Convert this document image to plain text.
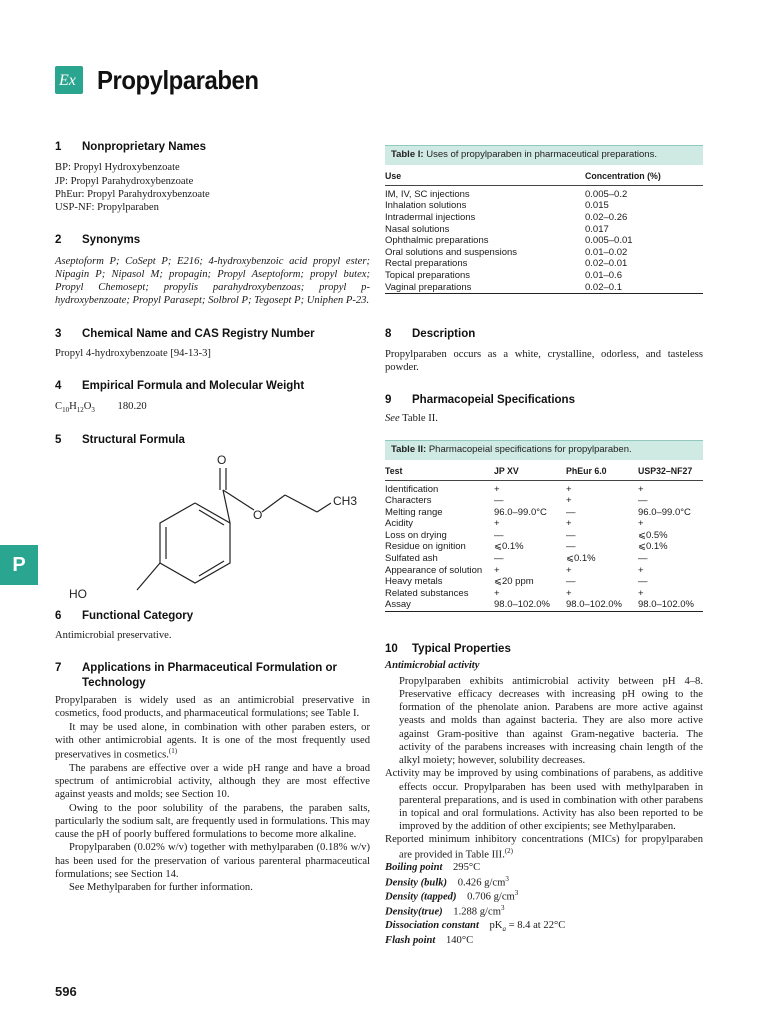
Ex Propylparaben
P
1	Nonproprietary Names
BP: Propyl Hydroxybenzoate
JP: Propyl Parahydroxybenzoate
PhEur: Propyl Parahydroxybenzoate
USP-NF: Propylparaben
2	Synonyms

Aseptoform P; CoSept P; E216; 4-hydroxybenzoic acid propyl ester; Nipagin P; Nipasol M; propagin; Propyl Aseptoform; propyl butex; Propyl Chemosept; propylis parahydroxybenzoas; propyl p-hydroxybenzoate; Propyl Parasept; Solbrol P; Tegosept P; Uniphen P-23.

3	Chemical Name and CAS Registry Number

Propyl 4-hydroxybenzoate [94-13-3]

4	Empirical Formula and Molecular Weight
$C_{10}H_{12}O_3$ 180.20
5	Structural Formula
O
O
CH3
HO
6	Functional Category

Antimicrobial preservative.

7	Applications in Pharmaceutical Formulation or Technology

Propylparaben is widely used as an antimicrobial preservative in cosmetics, food products, and pharmaceutical formulations; see Table I.

It may be used alone, in combination with other paraben esters, or with other antimicrobial agents. It is one of the most frequently used preservatives in cosmetics.$^{(1)}$

The parabens are effective over a wide pH range and have a broad spectrum of antimicrobial activity, although they are most effective against yeasts and molds; see Section 10.

Owing to the poor solubility of the parabens, the paraben salts, particularly the sodium salt, are frequently used in formulations. This may cause the pH of poorly buffered formulations to become more alkaline.

Propylparaben (0.02% w/v) together with methylparaben (0.18% w/v) has been used for the preservation of various parenteral pharmaceutical formulations; see Section 14.

See Methylparaben for further information.

Table I: Uses of propylparaben in pharmaceutical preparations.
Use	Concentration (%)
IM, IV, SC injections	0.005–0.2
Inhalation solutions	0.015
Intradermal injections	0.02–0.26
Nasal solutions	0.017
Ophthalmic preparations	0.005–0.01
Oral solutions and suspensions	0.01–0.02
Rectal preparations	0.02–0.01
Topical preparations	0.01–0.6
Vaginal preparations	0.02–0.1
8	Description

Propylparaben occurs as a white, crystalline, odorless, and tasteless powder.

9	Pharmacopeial Specifications

See Table II.

Table II: Pharmacopeial specifications for propylparaben.
Test	JP XV	PhEur 6.0	USP32–NF27
Identification	+	+	+
Characters	—	+	—
Melting range	96.0–99.0°C	—	96.0–99.0°C
Acidity	+	+	+
Loss on drying	—	—	⩽0.5%
Residue on ignition	⩽0.1%	—	⩽0.1%
Sulfated ash	—	⩽0.1%	—
Appearance of solution	+	+	+
Heavy metals	⩽20 ppm	—	—
Related substances	+	+	+
Assay	98.0–102.0%	98.0–102.0%	98.0–102.0%
10	Typical Properties
Antimicrobial activity

Propylparaben exhibits antimicrobial activity between pH 4–8. Preservative efficacy decreases with increasing pH owing to the formation of the phenolate anion. Parabens are more active against yeasts and molds than against bacteria. They are also more active against Gram-positive than against Gram-negative bacteria. The activity of the parabens increases with increasing chain length of the alkyl moiety; however, solubility decreases.

Activity may be improved by using combinations of parabens, as additive effects occur. Propylparaben has been used with methylparaben in parenteral preparations, and is used in combination with other parabens in topical and oral formulations. Activity has also been reported to be improved by the addition of other excipients; see Methylparaben.

Reported minimum inhibitory concentrations (MICs) for propylparaben are provided in Table III.$^{(2)}$

Boiling point  295°C
Density (bulk)  0.426 $g/cm^3$
Density (tapped)  0.706 $g/cm^3$
Density(true)  1.288 $g/cm^3$
Dissociation constant  $pK_a = 8.4$ at 22°C
Flash point  140°C
596
